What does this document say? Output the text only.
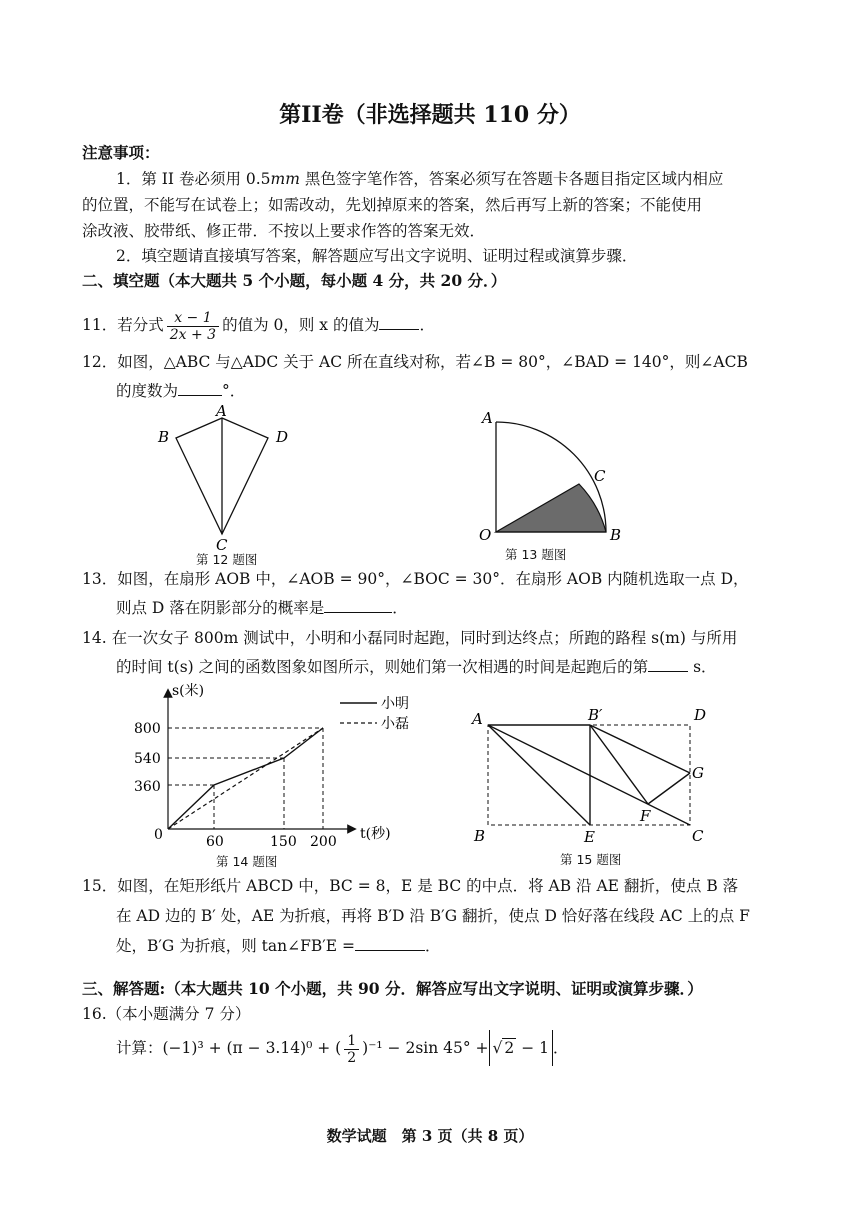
第II卷（非选择题共 110 分）
注意事项：
1．第 II 卷必须用 0.5mm 黑色签字笔作答，答案必须写在答题卡各题目指定区域内相应
的位置，不能写在试卷上；如需改动，先划掉原来的答案，然后再写上新的答案；不能使用
涂改液、胶带纸、修正带．不按以上要求作答的答案无效．
2．填空题请直接填写答案，解答题应写出文字说明、证明过程或演算步骤．
二、填空题（本大题共 5 个小题，每小题 4 分，共 20 分．）
11．若分式 $\frac{x - 1}{2x + 3}$ 的值为 0，则 x 的值为	．
12．如图，△ABC 与△ADC 关于 AC 所在直线对称，若∠B = 80°，∠BAD = 140°，则∠ACB
的度数为	°．
A
B	D
C
第 12 题图
A
C
O	B
第 13 题图
13．如图，在扇形 AOB 中，∠AOB = 90°，∠BOC = 30°．在扇形 AOB 内随机选取一点 D，
则点 D 落在阴影部分的概率是	．
14. 在一次女子 800m 测试中，小明和小磊同时起跑，同时到达终点；所跑的路程 s(m) 与所用
的时间 t(s) 之间的函数图象如图所示，则她们第一次相遇的时间是起跑后的第	s．
800
540
360
0	60	150 200
s(米)
t(秒)
小明
小磊
第 14 题图
A	B′	D
G
F
B	E	C
第 15 题图
15．如图，在矩形纸片 ABCD 中，BC = 8，E 是 BC 的中点．将 AB 沿 AE 翻折，使点 B 落
在 AD 边的 B′ 处，AE 为折痕，再将 B′D 沿 B′G 翻折，使点 D 恰好落在线段 AC 上的点 F
处，B′G 为折痕，则 tan∠FB′E =	．
三、解答题:（本大题共 10 个小题，共 90 分．解答应写出文字说明、证明或演算步骤．）
16.（本小题满分 7 分）
计算：(−1)³ + (π − 3.14)⁰ + ( $\frac{1}{2} )^{-1} - 2\sin$ 45° + √ 2 − 1 ．
数学试题　第 3 页（共 8 页）
